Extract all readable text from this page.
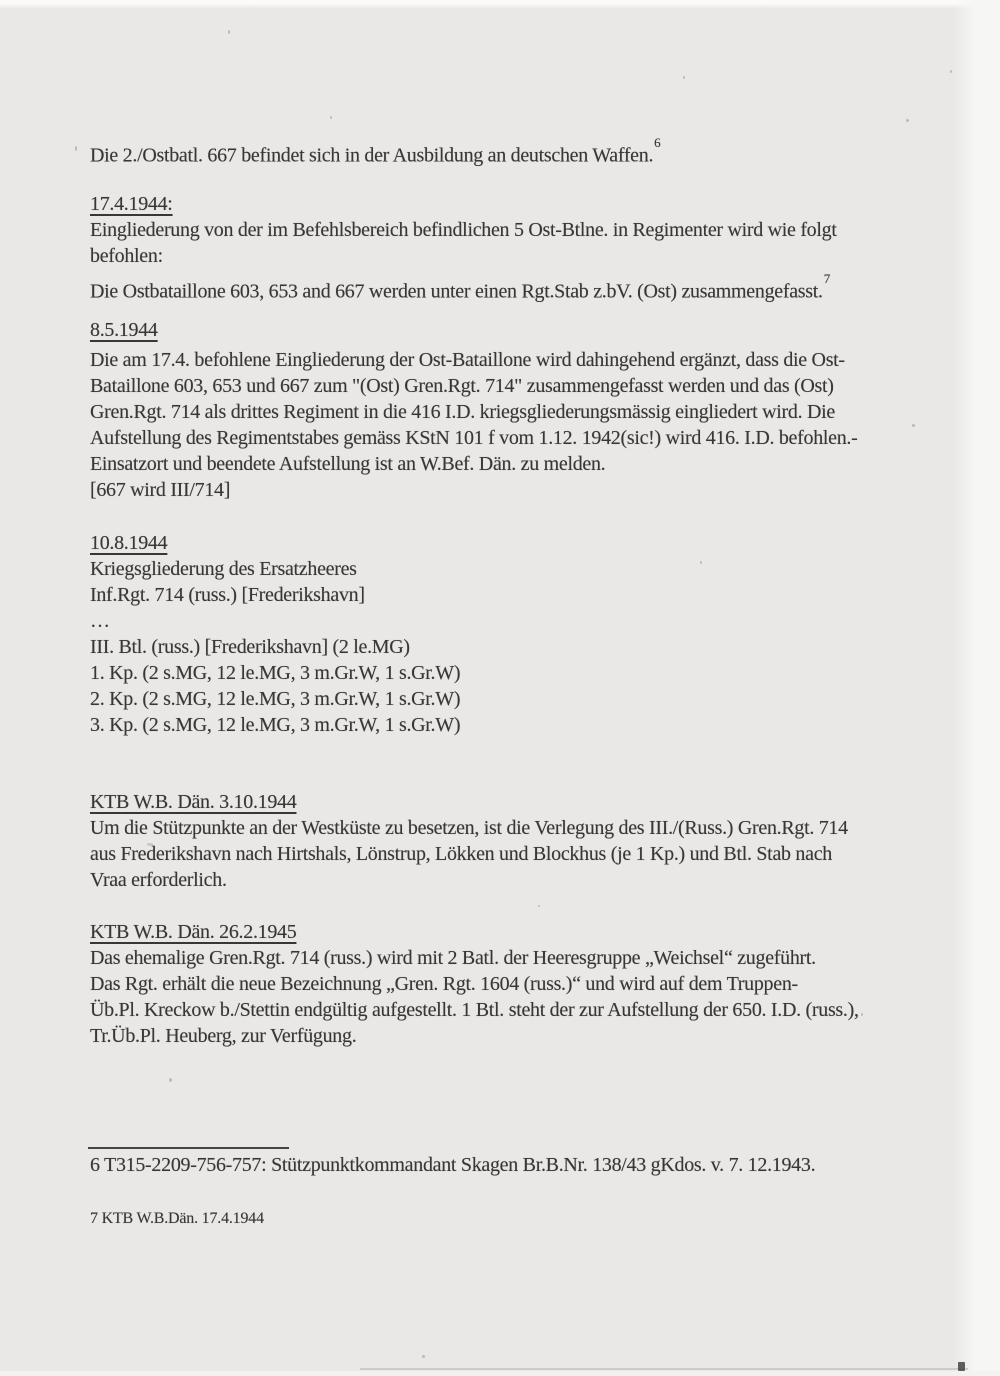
Die 2./Ostbatl. 667 befindet sich in der Ausbildung an deutschen Waffen.$^6$
17.4.1944:
Eingliederung von der im Befehlsbereich befindlichen 5 Ost-Btlne. in Regimenter wird wie folgt
befohlen:
Die Ostbataillone 603, 653 and 667 werden unter einen Rgt.Stab z.bV. (Ost) zusammengefasst.$^7$
8.5.1944
Die am 17.4. befohlene Eingliederung der Ost-Bataillone wird dahingehend ergänzt, dass die Ost-
Bataillone 603, 653 und 667 zum "(Ost) Gren.Rgt. 714" zusammengefasst werden und das (Ost)
Gren.Rgt. 714 als drittes Regiment in die 416 I.D. kriegsgliederungsmässig eingliedert wird. Die
Aufstellung des Regimentstabes gemäss KStN 101 f vom 1.12. 1942(sic!) wird 416. I.D. befohlen.-
Einsatzort und beendete Aufstellung ist an W.Bef. Dän. zu melden.
[667 wird III/714]
10.8.1944
Kriegsgliederung des Ersatzheeres
Inf.Rgt. 714 (russ.) [Frederikshavn]
…
III. Btl. (russ.) [Frederikshavn] (2 le.MG)
1. Kp. (2 s.MG, 12 le.MG, 3 m.Gr.W, 1 s.Gr.W)
2. Kp. (2 s.MG, 12 le.MG, 3 m.Gr.W, 1 s.Gr.W)
3. Kp. (2 s.MG, 12 le.MG, 3 m.Gr.W, 1 s.Gr.W)
KTB W.B. Dän. 3.10.1944
Um die Stützpunkte an der Westküste zu besetzen, ist die Verlegung des III./(Russ.) Gren.Rgt. 714
aus Frederikshavn nach Hirtshals, Lönstrup, Lökken und Blockhus (je 1 Kp.) und Btl. Stab nach
Vraa erforderlich.
KTB W.B. Dän. 26.2.1945
Das ehemalige Gren.Rgt. 714 (russ.) wird mit 2 Batl. der Heeresgruppe „Weichsel“ zugeführt.
Das Rgt. erhält die neue Bezeichnung „Gren. Rgt. 1604 (russ.)“ und wird auf dem Truppen-
Üb.Pl. Kreckow b./Stettin endgültig aufgestellt. 1 Btl. steht der zur Aufstellung der 650. I.D. (russ.),
Tr.Üb.Pl. Heuberg, zur Verfügung.
6 T315-2209-756-757: Stützpunktkommandant Skagen Br.B.Nr. 138/43 gKdos. v. 7. 12.1943.
7 KTB W.B.Dän. 17.4.1944
